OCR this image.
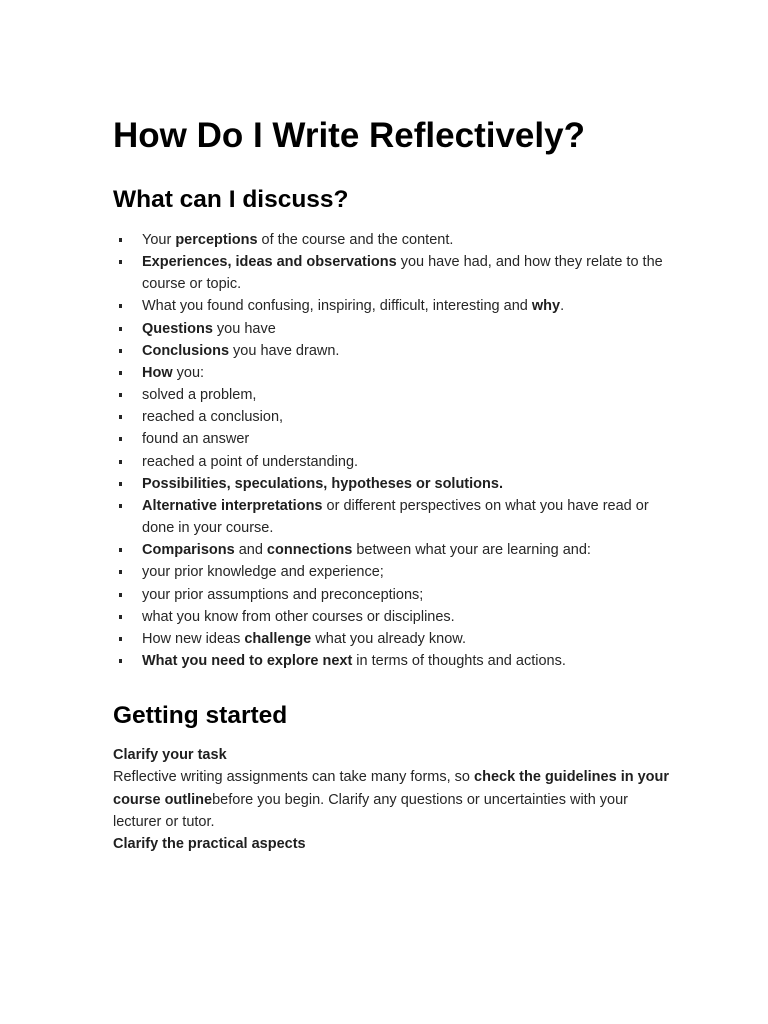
How Do I Write Reflectively?
What can I discuss?
Your perceptions of the course and the content.
Experiences, ideas and observations you have had, and how they relate to the course or topic.
What you found confusing, inspiring, difficult, interesting and why.
Questions you have
Conclusions you have drawn.
How you:
solved a problem,
reached a conclusion,
found an answer
reached a point of understanding.
Possibilities, speculations, hypotheses or solutions.
Alternative interpretations or different perspectives on what you have read or done in your course.
Comparisons and connections between what your are learning and:
your prior knowledge and experience;
your prior assumptions and preconceptions;
what you know from other courses or disciplines.
How new ideas challenge what you already know.
What you need to explore next in terms of thoughts and actions.
Getting started

Clarify your task

Reflective writing assignments can take many forms, so check the guidelines in your course outlinebefore you begin. Clarify any questions or uncertainties with your lecturer or tutor.

Clarify the practical aspects
